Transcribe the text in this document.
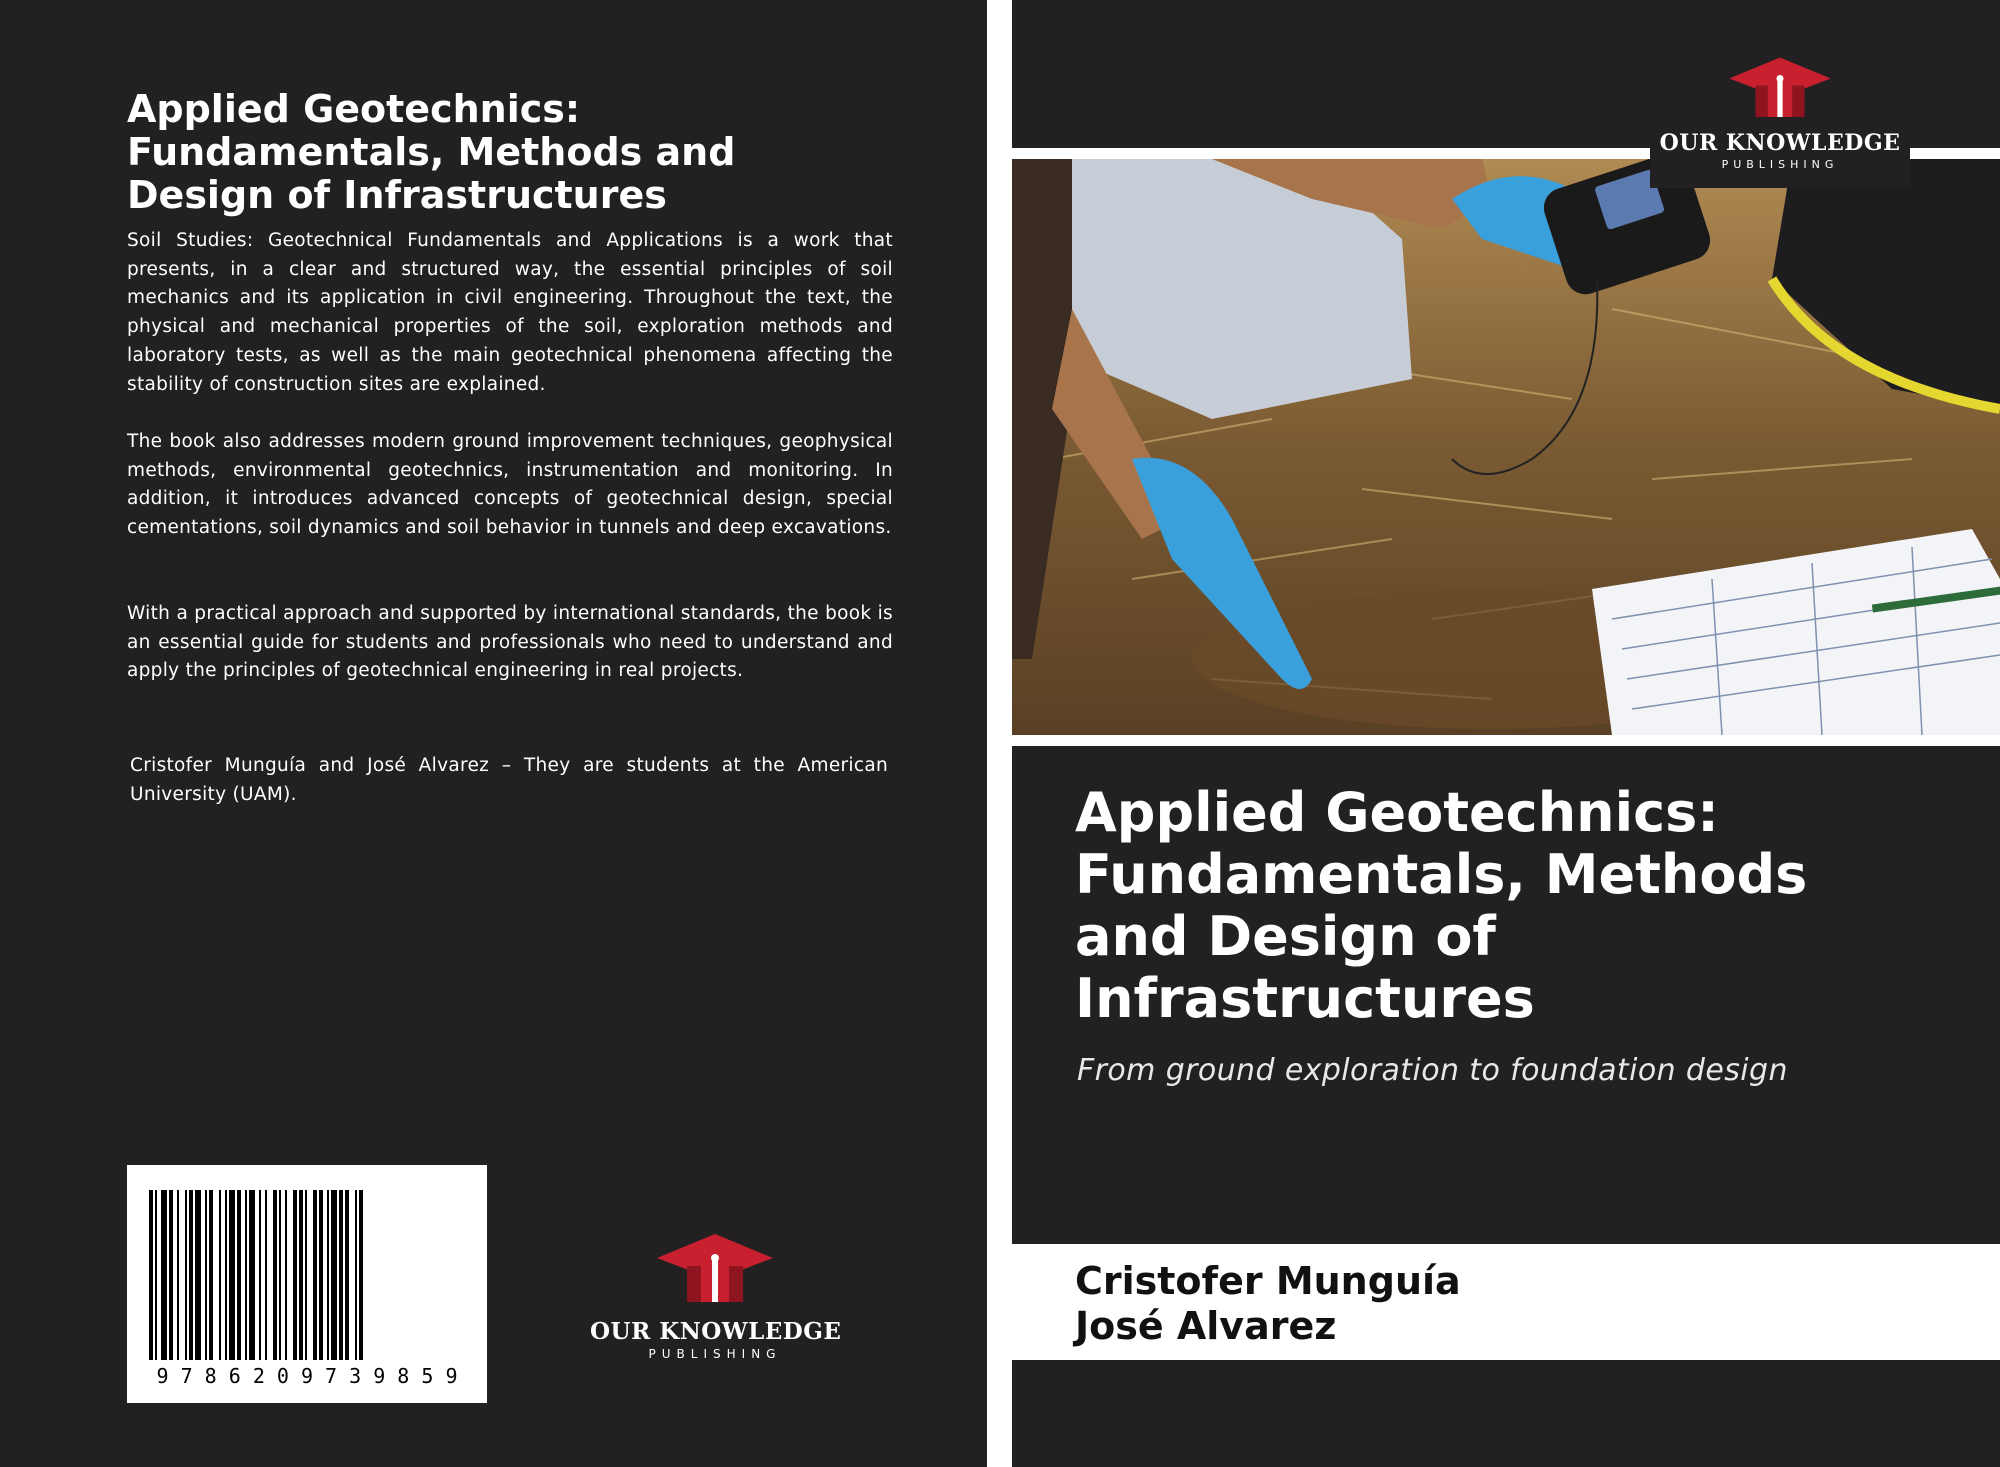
Applied Geotechnics: Fundamentals, Methods and Design of Infrastructures

Soil Studies: Geotechnical Fundamentals and Applications is a work that presents, in a clear and structured way, the essential principles of soil mechanics and its application in civil engineering. Throughout the text, the physical and mechanical properties of the soil, exploration methods and laboratory tests, as well as the main geotechnical phenomena affecting the stability of construction sites are explained.

The book also addresses modern ground improvement techniques, geophysical methods, environmental geotechnics, instrumentation and monitoring. In addition, it introduces advanced concepts of geotechnical design, special cementations, soil dynamics and soil behavior in tunnels and deep excavations.

With a practical approach and supported by international standards, the book is an essential guide for students and professionals who need to understand and apply the principles of geotechnical engineering in real projects.

Cristofer Munguía and José Alvarez – They are students at the American University (UAM).

9 7 8 6 2 0 9 7 3 9 8 5 9
OUR KNOWLEDGE
PUBLISHING
OUR KNOWLEDGE
PUBLISHING
Applied Geotechnics: Fundamentals, Methods and Design of Infrastructures

From ground exploration to foundation design

Cristofer Munguía

José Alvarez
